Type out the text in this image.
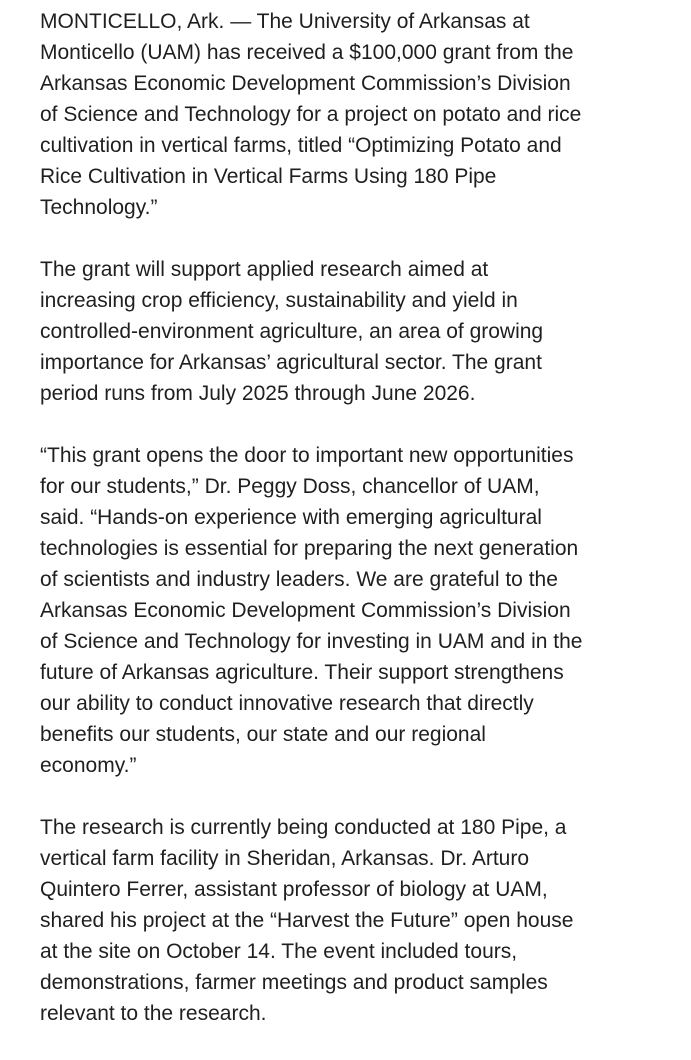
MONTICELLO, Ark. — The University of Arkansas at
Monticello (UAM) has received a $100,000 grant from the
Arkansas Economic Development Commission’s Division
of Science and Technology for a project on potato and rice
cultivation in vertical farms, titled “Optimizing Potato and
Rice Cultivation in Vertical Farms Using 180 Pipe
Technology.”

The grant will support applied research aimed at
increasing crop efficiency, sustainability and yield in
controlled-environment agriculture, an area of growing
importance for Arkansas’ agricultural sector. The grant
period runs from July 2025 through June 2026.

“This grant opens the door to important new opportunities
for our students,” Dr. Peggy Doss, chancellor of UAM,
said. “Hands-on experience with emerging agricultural
technologies is essential for preparing the next generation
of scientists and industry leaders. We are grateful to the
Arkansas Economic Development Commission’s Division
of Science and Technology for investing in UAM and in the
future of Arkansas agriculture. Their support strengthens
our ability to conduct innovative research that directly
benefits our students, our state and our regional
economy.”

The research is currently being conducted at 180 Pipe, a
vertical farm facility in Sheridan, Arkansas. Dr. Arturo
Quintero Ferrer, assistant professor of biology at UAM,
shared his project at the “Harvest the Future” open house
at the site on October 14. The event included tours,
demonstrations, farmer meetings and product samples
relevant to the research.
